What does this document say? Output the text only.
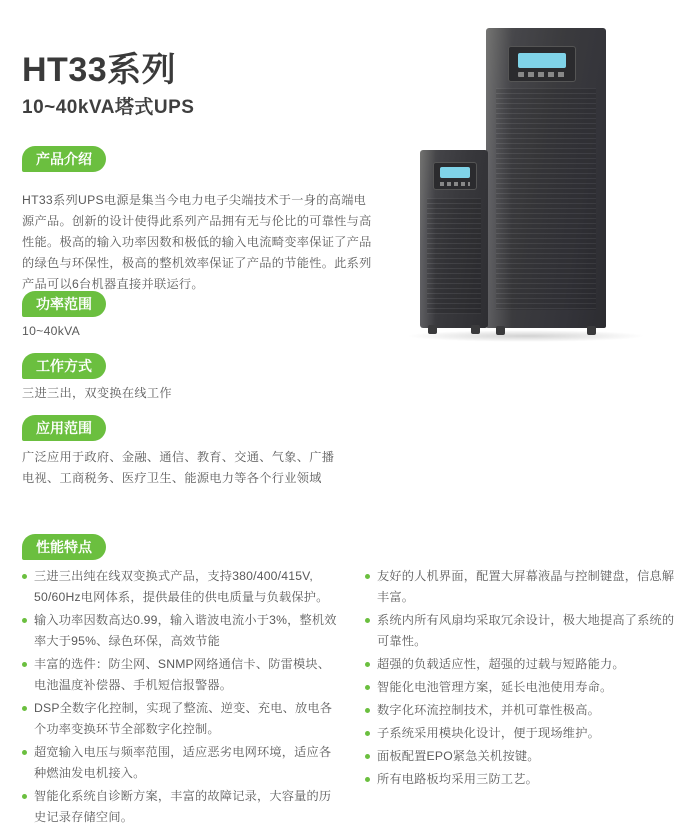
HT33系列
10~40kVA塔式UPS
产品介绍
HT33系列UPS电源是集当今电力电子尖端技术于一身的高端电源产品。创新的设计使得此系列产品拥有无与伦比的可靠性与高性能。极高的输入功率因数和极低的输入电流畸变率保证了产品的绿色与环保性，极高的整机效率保证了产品的节能性。此系列产品可以6台机器直接并联运行。
功率范围
10~40kVA
工作方式
三进三出，双变换在线工作
应用范围
广泛应用于政府、金融、通信、教育、交通、气象、广播电视、工商税务、医疗卫生、能源电力等各个行业领域
性能特点
三进三出纯在线双变换式产品，支持380/400/415V, 50/60Hz电网体系，提供最佳的供电质量与负载保护。
输入功率因数高达0.99，输入谐波电流小于3%，整机效率大于95%、绿色环保，高效节能
丰富的选件：防尘网、SNMP网络通信卡、防雷模块、电池温度补偿器、手机短信报警器。
DSP全数字化控制，实现了整流、逆变、充电、放电各个功率变换环节全部数字化控制。
超宽输入电压与频率范围，适应恶劣电网环境，适应各种燃油发电机接入。
智能化系统自诊断方案，丰富的故障记录，大容量的历史记录存储空间。
友好的人机界面，配置大屏幕液晶与控制键盘，信息解丰富。
系统内所有风扇均采取冗余设计，极大地提高了系统的可靠性。
超强的负载适应性，超强的过载与短路能力。
智能化电池管理方案，延长电池使用寿命。
数字化环流控制技术，并机可靠性极高。
子系统采用模块化设计，便于现场维护。
面板配置EPO紧急关机按键。
所有电路板均采用三防工艺。
